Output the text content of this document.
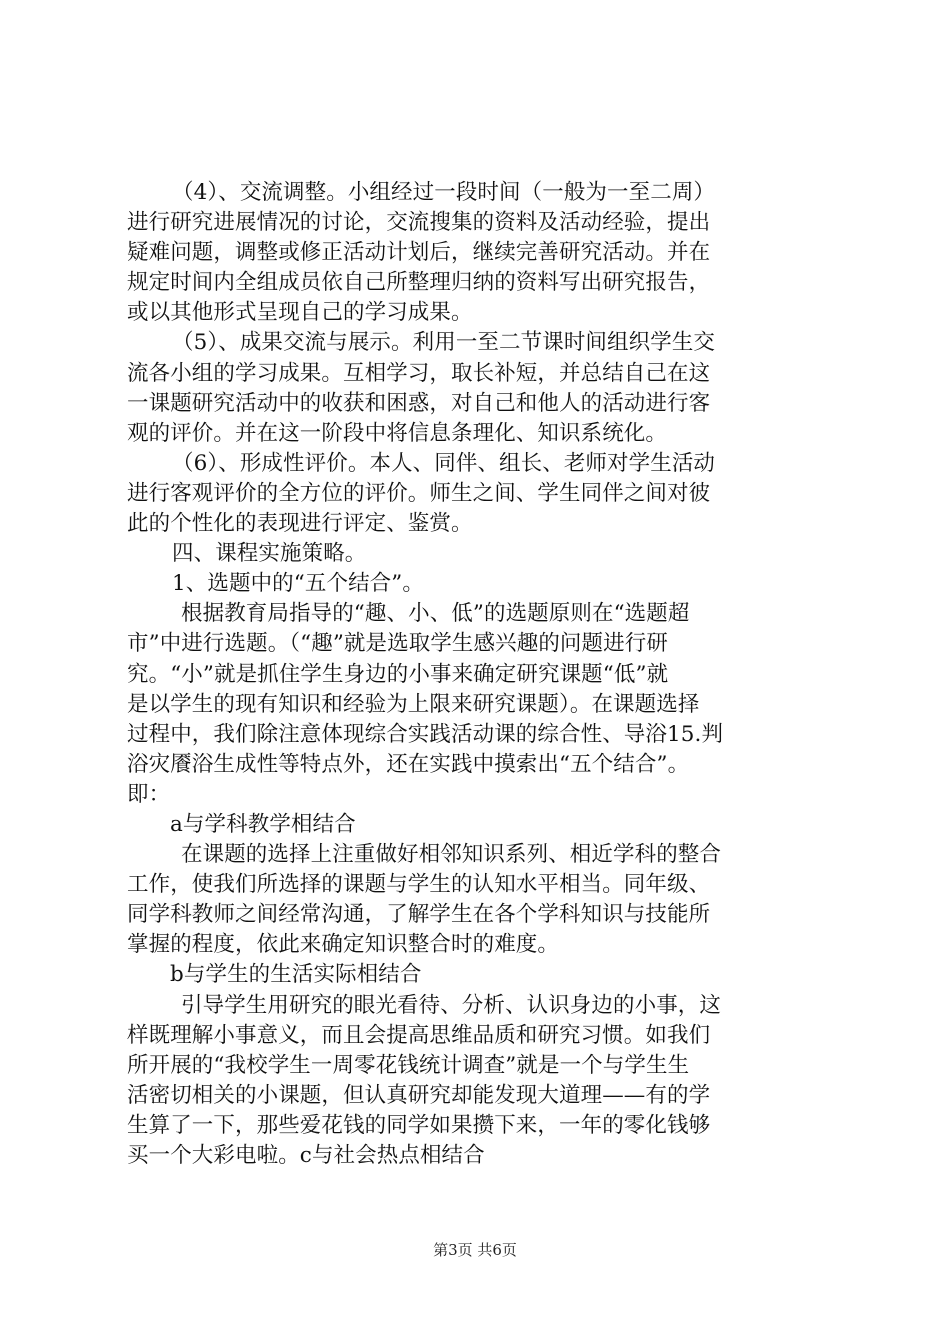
（4）、交流调整。小组经过一段时间（一般为一至二周）
进行研究进展情况的讨论，交流搜集的资料及活动经验，提出
疑难问题，调整或修正活动计划后，继续完善研究活动。并在
规定时间内全组成员依自己所整理归纳的资料写出研究报告，
或以其他形式呈现自己的学习成果。
（5）、成果交流与展示。利用一至二节课时间组织学生交
流各小组的学习成果。互相学习，取长补短，并总结自己在这
一课题研究活动中的收获和困惑，对自己和他人的活动进行客
观的评价。并在这一阶段中将信息条理化、知识系统化。
（6）、形成性评价。本人、同伴、组长、老师对学生活动
进行客观评价的全方位的评价。师生之间、学生同伴之间对彼
此的个性化的表现进行评定、鉴赏。
四、课程实施策略。
1、选题中的“五个结合”。
根据教育局指导的“趣、小、低”的选题原则在“选题超
市”中进行选题。（“趣”就是选取学生感兴趣的问题进行研
究。“小”就是抓住学生身边的小事来确定研究课题“低”就
是以学生的现有知识和经验为上限来研究课题）。在课题选择
过程中，我们除注意体现综合实践活动课的综合性、导浴15.判
浴灾餍浴生成性等特点外，还在实践中摸索出“五个结合”。
即：
a与学科教学相结合
在课题的选择上注重做好相邻知识系列、相近学科的整合
工作，使我们所选择的课题与学生的认知水平相当。同年级、
同学科教师之间经常沟通，了解学生在各个学科知识与技能所
掌握的程度，依此来确定知识整合时的难度。
b与学生的生活实际相结合
引导学生用研究的眼光看待、分析、认识身边的小事，这
样既理解小事意义，而且会提高思维品质和研究习惯。如我们
所开展的“我校学生一周零花钱统计调查”就是一个与学生生
活密切相关的小课题，但认真研究却能发现大道理——有的学
生算了一下，那些爱花钱的同学如果攒下来，一年的零化钱够
买一个大彩电啦。c与社会热点相结合
第3页 共6页
